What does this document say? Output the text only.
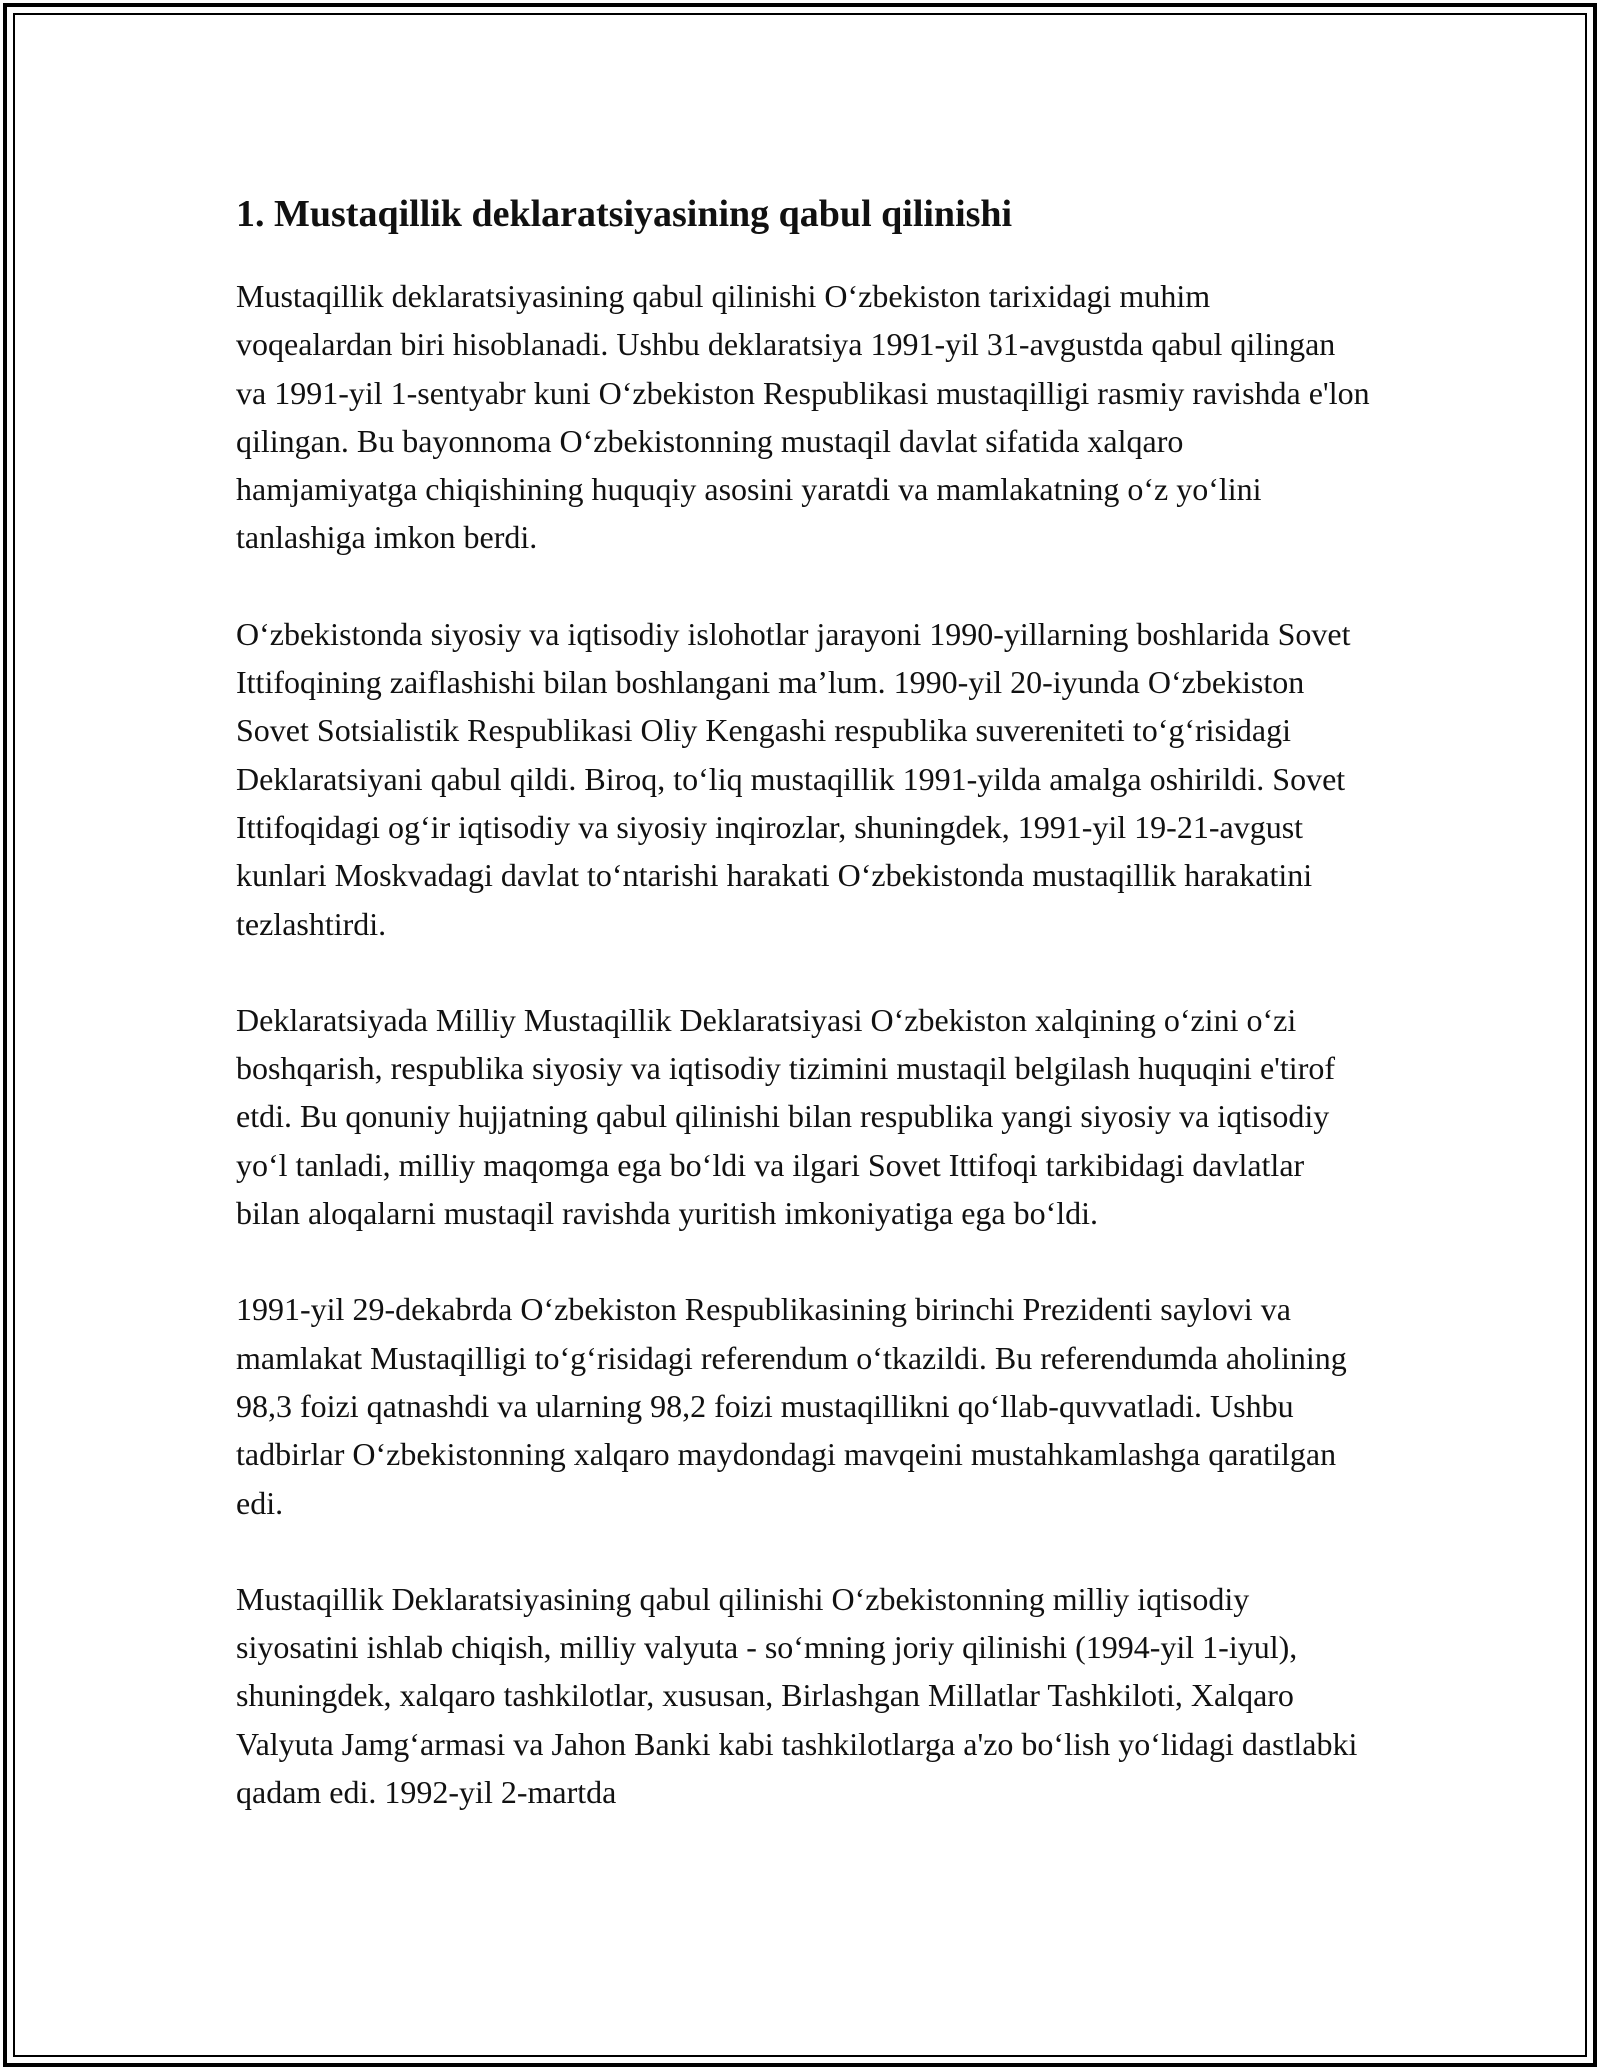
1. Mustaqillik deklaratsiyasining qabul qilinishi

Mustaqillik deklaratsiyasining qabul qilinishi O‘zbekiston tarixidagi muhim voqealardan biri hisoblanadi. Ushbu deklaratsiya 1991-yil 31-avgustda qabul qilingan va 1991-yil 1-sentyabr kuni O‘zbekiston Respublikasi mustaqilligi rasmiy ravishda e'lon qilingan. Bu bayonnoma O‘zbekistonning mustaqil davlat sifatida xalqaro hamjamiyatga chiqishining huquqiy asosini yaratdi va mamlakatning o‘z yo‘lini tanlashiga imkon berdi.

O‘zbekistonda siyosiy va iqtisodiy islohotlar jarayoni 1990-yillarning boshlarida Sovet Ittifoqining zaiflashishi bilan boshlangani ma’lum. 1990-yil 20-iyunda O‘zbekiston Sovet Sotsialistik Respublikasi Oliy Kengashi respublika suvereniteti to‘g‘risidagi Deklaratsiyani qabul qildi. Biroq, to‘liq mustaqillik 1991-yilda amalga oshirildi. Sovet Ittifoqidagi og‘ir iqtisodiy va siyosiy inqirozlar, shuningdek, 1991-yil 19-21-avgust kunlari Moskvadagi davlat to‘ntarishi harakati O‘zbekistonda mustaqillik harakatini tezlashtirdi.

Deklaratsiyada Milliy Mustaqillik Deklaratsiyasi O‘zbekiston xalqining o‘zini o‘zi boshqarish, respublika siyosiy va iqtisodiy tizimini mustaqil belgilash huquqini e'tirof etdi. Bu qonuniy hujjatning qabul qilinishi bilan respublika yangi siyosiy va iqtisodiy yo‘l tanladi, milliy maqomga ega bo‘ldi va ilgari Sovet Ittifoqi tarkibidagi davlatlar bilan aloqalarni mustaqil ravishda yuritish imkoniyatiga ega bo‘ldi.

1991-yil 29-dekabrda O‘zbekiston Respublikasining birinchi Prezidenti saylovi va mamlakat Mustaqilligi to‘g‘risidagi referendum o‘tkazildi. Bu referendumda aholining 98,3 foizi qatnashdi va ularning 98,2 foizi mustaqillikni qo‘llab-quvvatladi. Ushbu tadbirlar O‘zbekistonning xalqaro maydondagi mavqeini mustahkamlashga qaratilgan edi.

Mustaqillik Deklaratsiyasining qabul qilinishi O‘zbekistonning milliy iqtisodiy siyosatini ishlab chiqish, milliy valyuta - so‘mning joriy qilinishi (1994-yil 1-iyul), shuningdek, xalqaro tashkilotlar, xususan, Birlashgan Millatlar Tashkiloti, Xalqaro Valyuta Jamg‘armasi va Jahon Banki kabi tashkilotlarga a'zo bo‘lish yo‘lidagi dastlabki qadam edi. 1992-yil 2-martda
